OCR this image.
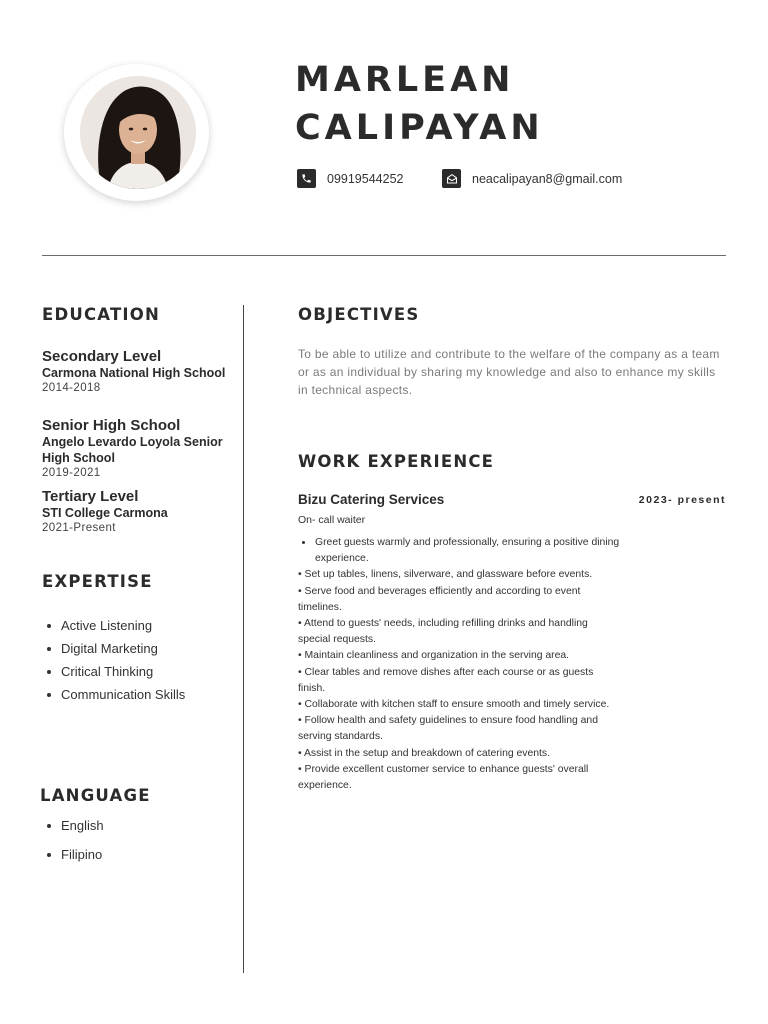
MARLEAN
CALIPAYAN
09919544252	neacalipayan8@gmail.com
EDUCATION
Secondary Level
Carmona National High School
2014-2018
Senior High School
Angelo Levardo Loyola Senior High School
2019-2021
Tertiary Level
STI College Carmona
2021-Present
EXPERTISE
Active Listening
Digital Marketing
Critical Thinking
Communication Skills
LANGUAGE
English
Filipino
OBJECTIVES
To be able to utilize and contribute to the welfare of the company as a team or as an individual by sharing my knowledge and also to enhance my skills in technical aspects.
WORK EXPERIENCE
Bizu Catering Services	2023- present
On- call waiter
Greet guests warmly and professionally, ensuring a positive dining experience.
• Set up tables, linens, silverware, and glassware before events.
• Serve food and beverages efficiently and according to event timelines.
• Attend to guests' needs, including refilling drinks and handling special requests.
• Maintain cleanliness and organization in the serving area.
• Clear tables and remove dishes after each course or as guests finish.
• Collaborate with kitchen staff to ensure smooth and timely service.
• Follow health and safety guidelines to ensure food handling and serving standards.
• Assist in the setup and breakdown of catering events.
• Provide excellent customer service to enhance guests' overall experience.
